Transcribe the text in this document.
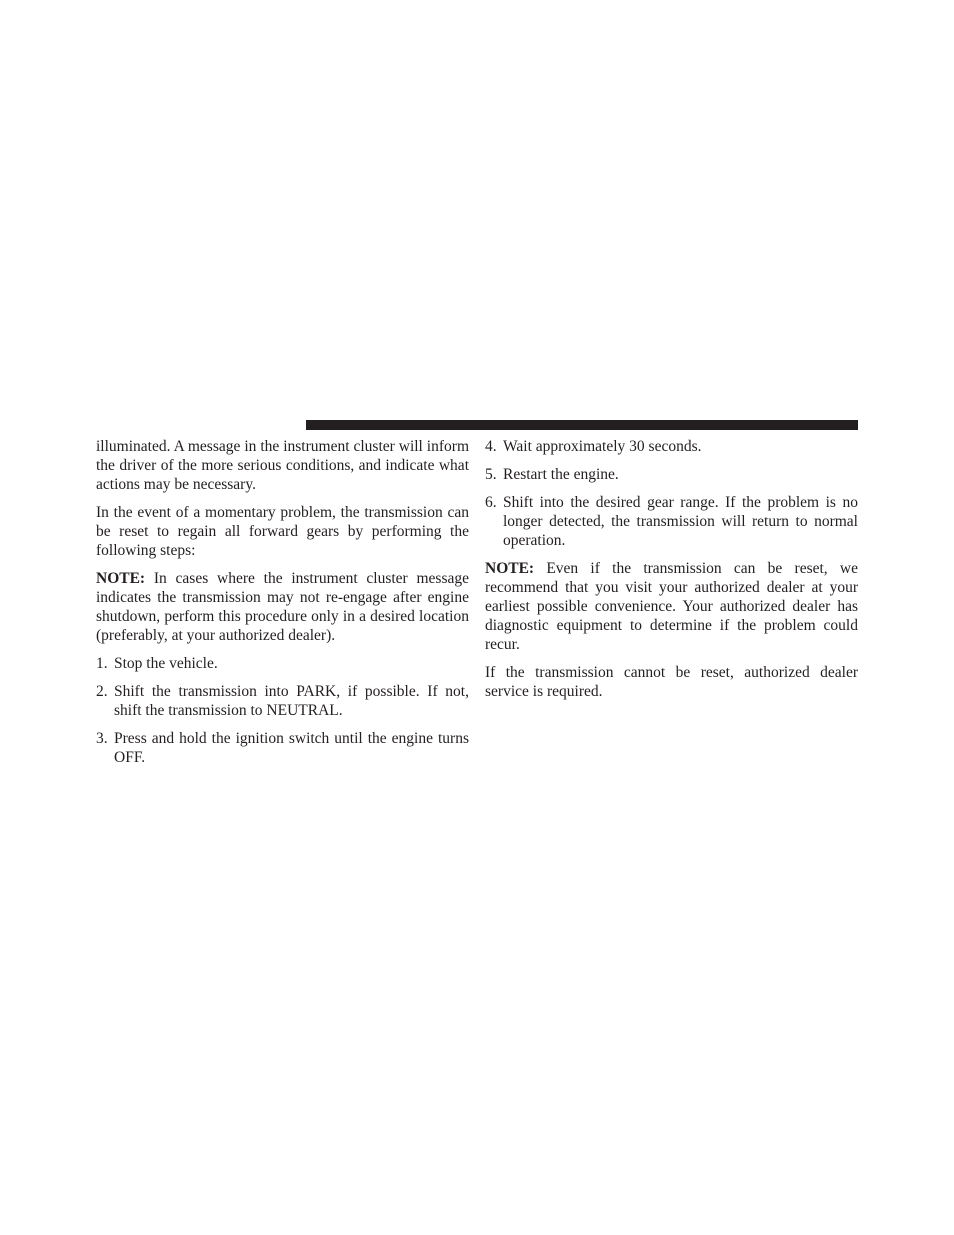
illuminated. A message in the instrument cluster will inform the driver of the more serious conditions, and indicate what actions may be necessary.

In the event of a momentary problem, the transmission can be reset to regain all forward gears by performing the following steps:

NOTE: In cases where the instrument cluster message indicates the transmission may not re-engage after engine shutdown, perform this procedure only in a desired location (preferably, at your authorized dealer).

1. Stop the vehicle.
2. Shift the transmission into PARK, if possible. If not, shift the transmission to NEUTRAL.
3. Press and hold the ignition switch until the engine turns OFF.
4. Wait approximately 30 seconds.
5. Restart the engine.
6. Shift into the desired gear range. If the problem is no longer detected, the transmission will return to normal operation.

NOTE: Even if the transmission can be reset, we recommend that you visit your authorized dealer at your earliest possible convenience. Your authorized dealer has diagnostic equipment to determine if the problem could recur.

If the transmission cannot be reset, authorized dealer service is required.
